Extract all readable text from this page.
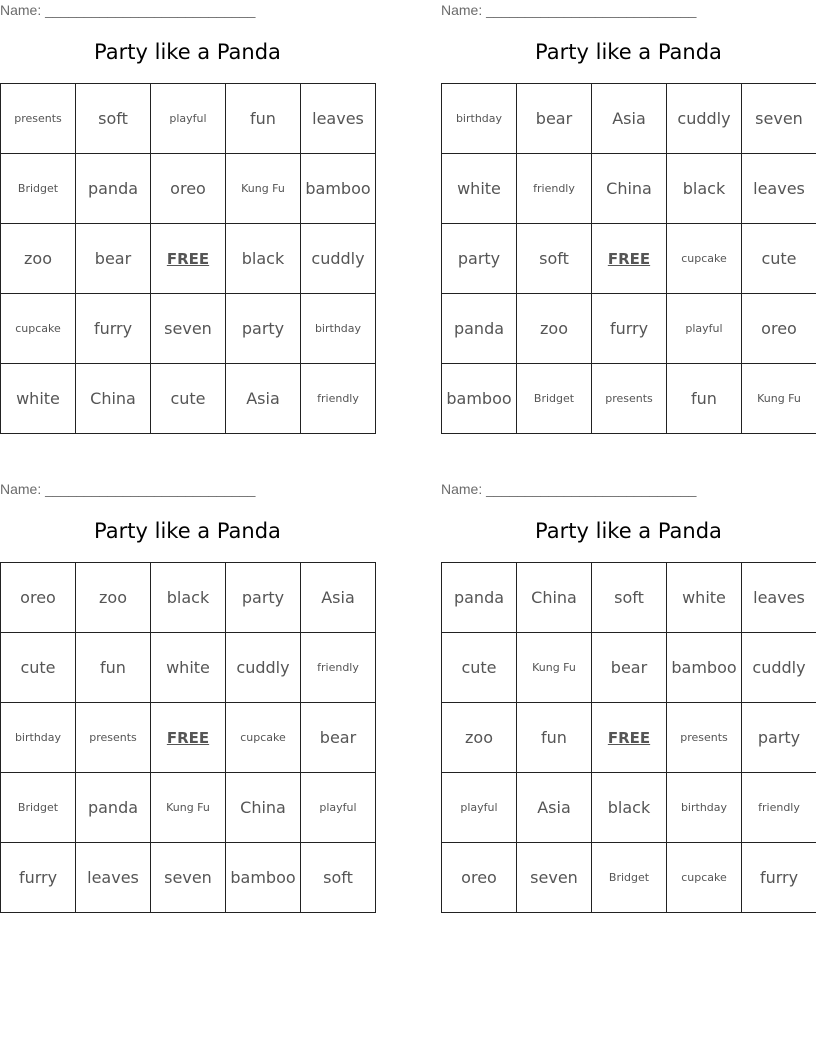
Name: ___________________________
Party like a Panda
presents	soft	playful	fun	leaves
Bridget	panda	oreo	Kung Fu	bamboo
zoo	bear	FREE	black	cuddly
cupcake	furry	seven	party	birthday
white	China	cute	Asia	friendly
Name: ___________________________
Party like a Panda
birthday	bear	Asia	cuddly	seven
white	friendly	China	black	leaves
party	soft	FREE	cupcake	cute
panda	zoo	furry	playful	oreo
bamboo	Bridget	presents	fun	Kung Fu
Name: ___________________________
Party like a Panda
oreo	zoo	black	party	Asia
cute	fun	white	cuddly	friendly
birthday	presents	FREE	cupcake	bear
Bridget	panda	Kung Fu	China	playful
furry	leaves	seven	bamboo	soft
Name: ___________________________
Party like a Panda
panda	China	soft	white	leaves
cute	Kung Fu	bear	bamboo	cuddly
zoo	fun	FREE	presents	party
playful	Asia	black	birthday	friendly
oreo	seven	Bridget	cupcake	furry
